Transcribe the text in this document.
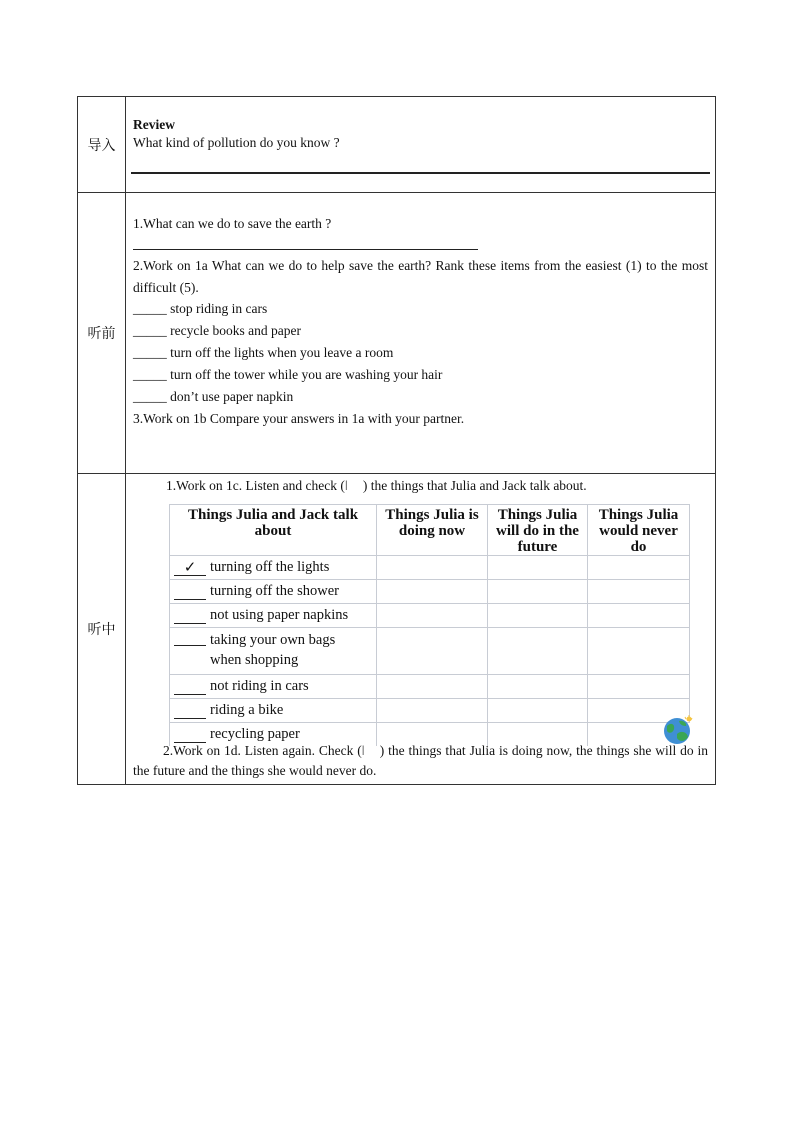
导入	
Review
What kind of pollution do you know ?

听前	
1.What can we do to save the earth ?
2.Work on 1a What can we do to help save the earth? Rank these items from the easiest (1) to the most difficult (5).
_____ stop riding in cars
_____ recycle books and paper
_____ turn off the lights when you leave a room
_____ turn off the tower while you are washing your hair
_____ don’t use paper napkin
3.Work on 1b Compare your answers in 1a with your partner.

听中	
1.Work on 1c. Listen and check (ǀ ) the things that Julia and Jack talk about.
Things Julia and Jack talk about	Things Julia is doing now	Things Julia will do in the future	Things Julia would never do
✓ turning off the lights			
turning off the shower			
not using paper napkins			
taking your own bags when shopping			
not riding in cars			
riding a bike			
recycling paper			
2.Work on 1d. Listen again. Check (ǀ ) the things that Julia is doing now, the things she will do in the future and the things she would never do.
